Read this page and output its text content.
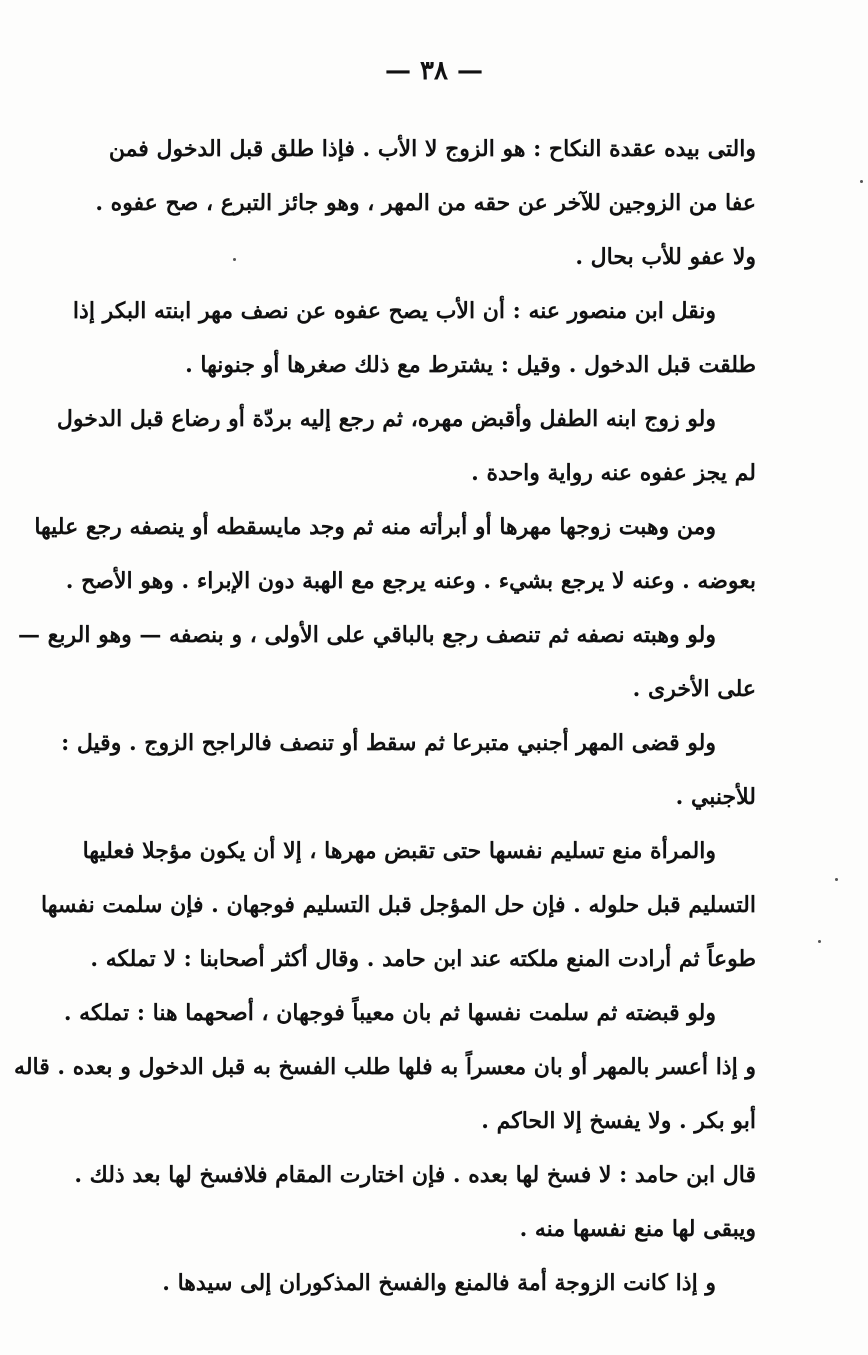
— ٣٨ —
والتى بيده عقدة النكاح : هو الزوج لا الأب . فإذا طلق قبل الدخول فمن
عفا من الزوجين للآخر عن حقه من المهر ، وهو جائز التبرع ، صح عفوه .
ولا عفو للأب بحال .
ونقل ابن منصور عنه : أن الأب يصح عفوه عن نصف مهر ابنته البكر إذا
طلقت قبل الدخول . وقيل : يشترط مع ذلك صغرها أو جنونها .
ولو زوج ابنه الطفل وأقبض مهره، ثم رجع إليه بردّة أو رضاع قبل الدخول
لم يجز عفوه عنه رواية واحدة .
ومن وهبت زوجها مهرها أو أبرأته منه ثم وجد مايسقطه أو ينصفه رجع عليها
بعوضه . وعنه لا يرجع بشيء . وعنه يرجع مع الهبة دون الإبراء . وهو الأصح .
ولو وهبته نصفه ثم تنصف رجع بالباقي على الأولى ، و بنصفه — وهو الربع —
على الأخرى .
ولو قضى المهر أجنبي متبرعا ثم سقط أو تنصف فالراجح الزوج . وقيل :
للأجنبي .
والمرأة منع تسليم نفسها حتى تقبض مهرها ، إلا أن يكون مؤجلا فعليها
التسليم قبل حلوله . فإن حل المؤجل قبل التسليم فوجهان . فإن سلمت نفسها
طوعاً ثم أرادت المنع ملكته عند ابن حامد . وقال أكثر أصحابنا : لا تملكه .
ولو قبضته ثم سلمت نفسها ثم بان معيباً فوجهان ، أصحهما هنا : تملكه .
و إذا أعسر بالمهر أو بان معسراً به فلها طلب الفسخ به قبل الدخول و بعده . قاله
أبو بكر . ولا يفسخ إلا الحاكم .
قال ابن حامد : لا فسخ لها بعده . فإن اختارت المقام فلافسخ لها بعد ذلك .
ويبقى لها منع نفسها منه .
و إذا كانت الزوجة أمة فالمنع والفسخ المذكوران إلى سيدها .
